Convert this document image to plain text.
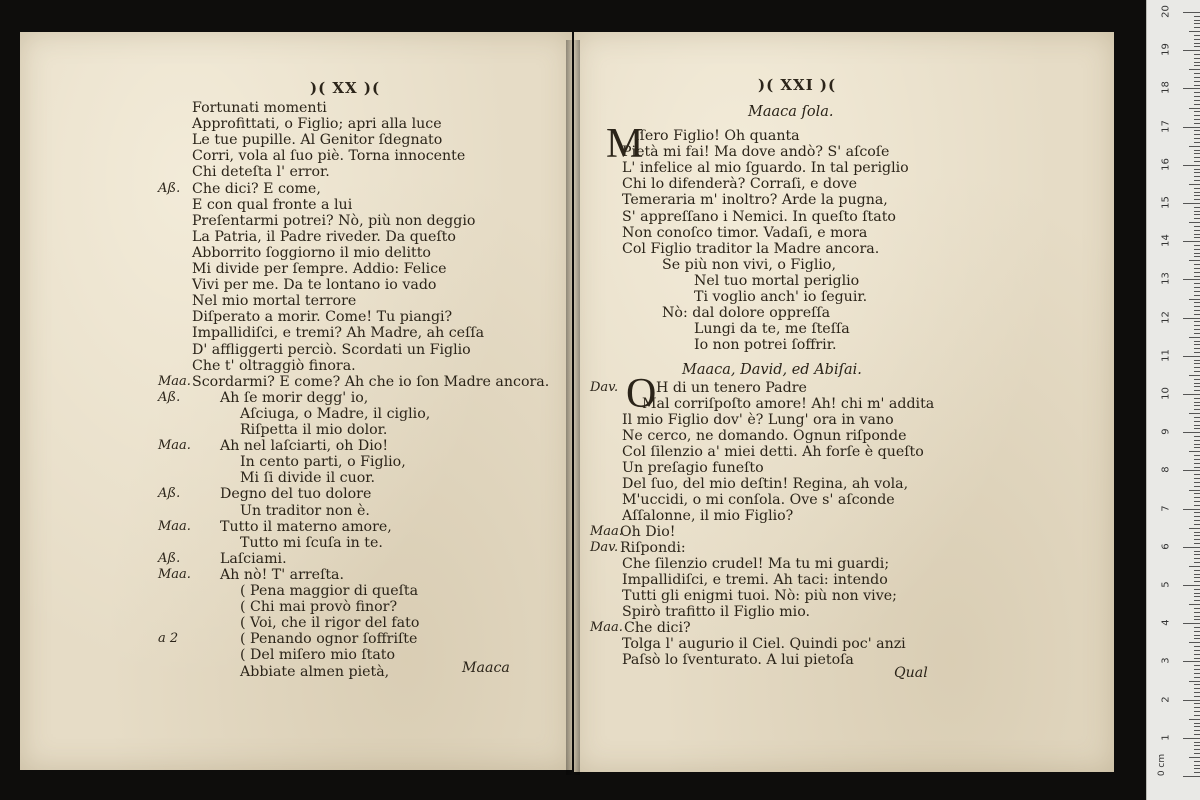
)( XX )(
Fortunati momenti
Approfittati, o Figlio; apri alla luce
Le tue pupille. Al Genitor ſdegnato
Corri, vola al ſuo piè. Torna innocente
Chi deteſta l' error.
Aß. Che dici? E come,
E con qual fronte a lui
Preſentarmi potrei? Nò, più non deggio
La Patria, il Padre riveder. Da queſto
Abborrito ſoggiorno il mio delitto
Mi divide per ſempre. Addio: Felice
Vivi per me. Da te lontano io vado
Nel mio mortal terrore
Diſperato a morir. Come! Tu piangi?
Impallidiſci, e tremi? Ah Madre, ah ceſſa
D' affliggerti perciò. Scordati un Figlio
Che t' oltraggiò finora.
Maa. Scordarmi? E come? Ah che io ſon Madre ancora.
Aß.	Ah ſe morir degg' io,
Aſciuga, o Madre, il ciglio,
Riſpetta il mio dolor.
Maa. Ah nel laſciarti, oh Dio!
In cento parti, o Figlio,
Mi ſi divide il cuor.
Aß.	Degno del tuo dolore
Un traditor non è.
Maa. Tutto il materno amore,
Tutto mi ſcuſa in te.
Aß.	Laſciami.
Maa. Ah nò! T' arreſta.
( Pena maggior di queſta
( Chi mai provò finor?
( Voi, che il rigor del fato
a 2	( Penando ognor ſoffriſte
( Del miſero mio ſtato
Abbiate almen pietà,	Maaca
)( XXI )(
Maaca ſola.
M
Iſero Figlio! Oh quanta
Pietà mi fai! Ma dove andò? S' aſcoſe
L' infelice al mio ſguardo. In tal periglio
Chi lo difenderà? Corraſi, e dove
Temeraria m' inoltro? Arde la pugna,
S' appreſſano i Nemici. In queſto ſtato
Non conoſco timor. Vadaſi, e mora
Col Figlio traditor la Madre ancora.
Se più non vivi, o Figlio,
Nel tuo mortal periglio
Ti voglio anch' io ſeguir.
Nò: dal dolore oppreſſa
Lungi da te, me ſteſſa
Io non potrei ſoffrir.
Maaca, David, ed Abiſai.
O
Dav.	H di un tenero Padre
Mal corriſpoſto amore! Ah! chi m' addita
Il mio Figlio dov' è? Lung' ora in vano
Ne cerco, ne domando. Ognun riſponde
Col ſilenzio a' miei detti. Ah forſe è queſto
Un preſagio funeſto
Del ſuo, del mio deſtin! Regina, ah vola,
M'uccidi, o mi conſola. Ove s' aſconde
Aſſalonne, il mio Figlio?
Maa.
Oh Dio!
Dav. Riſpondi:
Che ſilenzio crudel! Ma tu mi guardi;
Impallidiſci, e tremi. Ah taci: intendo
Tutti gli enigmi tuoi. Nò: più non vive;
Spirò trafitto il Figlio mio.
Maa. Che dici?
Tolga l' augurio il Ciel. Quindi poc' anzi
Paſsò lo ſventurato. A lui pietoſa
Qual
0 cm
1
2
3
4
5
6
7
8
9
10
11
12
13
14
15
16
17
18
19
20
